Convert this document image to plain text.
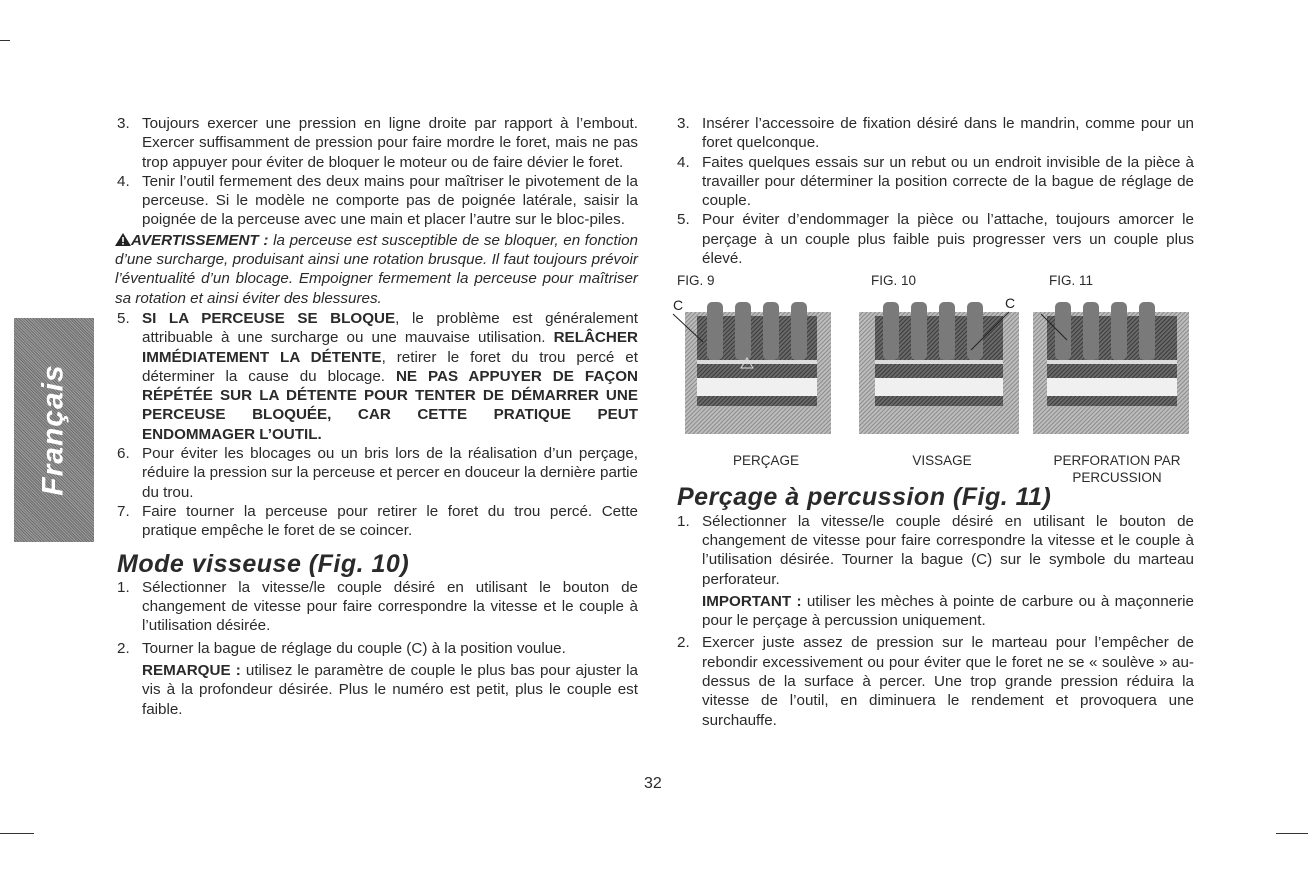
Français
3. Toujours exercer une pression en ligne droite par rapport à l’embout. Exercer suffisamment de pression pour faire mordre le foret, mais ne pas trop appuyer pour éviter de bloquer le moteur ou de faire dévier le foret.
4. Tenir l’outil fermement des deux mains pour maîtriser le pivotement de la perceuse. Si le modèle ne comporte pas de poignée latérale, saisir la poignée de la perceuse avec une main et placer l’autre sur le bloc-piles.
AVERTISSEMENT : la perceuse est susceptible de se bloquer, en fonction d’une surcharge, produisant ainsi une rotation brusque. Il faut toujours prévoir l’éventualité d’un blocage. Empoigner fermement la perceuse pour maîtriser sa rotation et ainsi éviter des blessures.
5. SI LA PERCEUSE SE BLOQUE, le problème est généralement attribuable à une surcharge ou une mauvaise utilisation. RELÂCHER IMMÉDIATEMENT LA DÉTENTE, retirer le foret du trou percé et déterminer la cause du blocage. NE PAS APPUYER DE FAÇON RÉPÉTÉE SUR LA DÉTENTE POUR TENTER DE DÉMARRER UNE PERCEUSE BLOQUÉE, CAR CETTE PRATIQUE PEUT ENDOMMAGER L’OUTIL.
6. Pour éviter les blocages ou un bris lors de la réalisation d’un perçage, réduire la pression sur la perceuse et percer en douceur la dernière partie du trou.
7. Faire tourner la perceuse pour retirer le foret du trou percé. Cette pratique empêche le foret de se coincer.
Mode visseuse (Fig. 10)
1. Sélectionner la vitesse/le couple désiré en utilisant le bouton de changement de vitesse pour faire correspondre la vitesse et le couple à l’utilisation désirée.
2. Tourner la bague de réglage du couple (C) à la position voulue.
REMARQUE : utilisez le paramètre de couple le plus bas pour ajuster la vis à la profondeur désirée. Plus le numéro est petit, plus le couple est faible.
3. Insérer l’accessoire de fixation désiré dans le mandrin, comme pour un foret quelconque.
4. Faites quelques essais sur un rebut ou un endroit invisible de la pièce à travailler pour déterminer la position correcte de la bague de réglage de couple.
5. Pour éviter d’endommager la pièce ou l’attache, toujours amorcer le perçage à un couple plus faible puis progresser vers un couple plus élevé.
FIG. 9	FIG. 10	FIG. 11
C	C
PERÇAGE	VISSAGE	PERFORATION PAR PERCUSSION
Perçage à percussion (Fig. 11)
1. Sélectionner la vitesse/le couple désiré en utilisant le bouton de changement de vitesse pour faire correspondre la vitesse et le couple à l’utilisation désirée. Tourner la bague (C) sur le symbole du marteau perforateur.
IMPORTANT : utiliser les mèches à pointe de carbure ou à maçonnerie pour le perçage à percussion uniquement.
2. Exercer juste assez de pression sur le marteau pour l’empêcher de rebondir excessivement ou pour éviter que le foret ne se « soulève » au-dessus de la surface à percer. Une trop grande pression réduira la vitesse de l’outil, en diminuera le rendement et provoquera une surchauffe.
32
